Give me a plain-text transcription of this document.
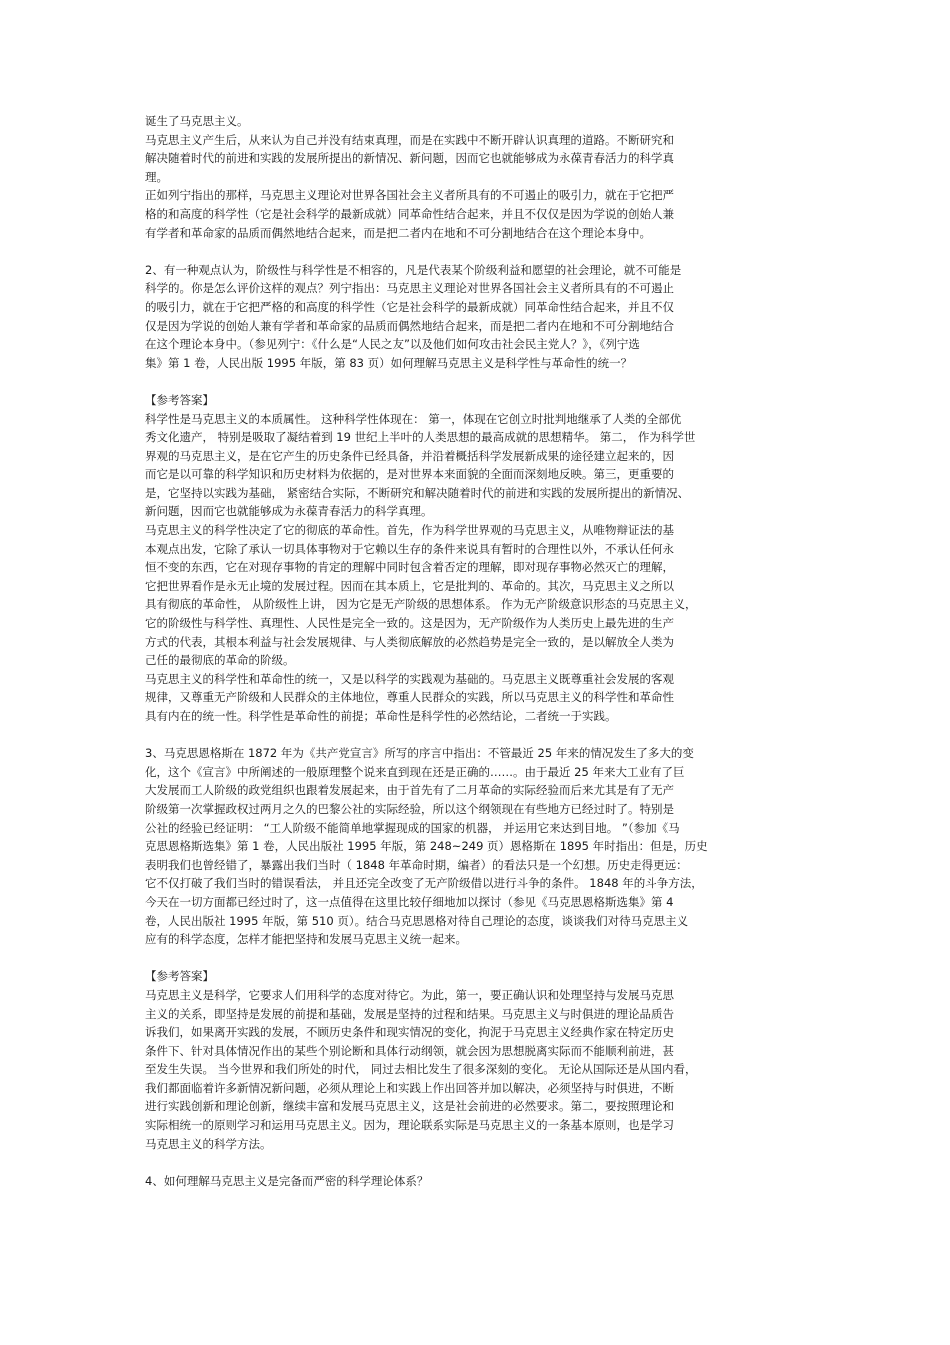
诞生了马克思主义。
马克思主义产生后，从来认为自己并没有结束真理，而是在实践中不断开辟认识真理的道路。不断研究和
解决随着时代的前进和实践的发展所提出的新情况、新问题，因而它也就能够成为永葆青春活力的科学真
理。
正如列宁指出的那样，马克思主义理论对世界各国社会主义者所具有的不可遏止的吸引力，就在于它把严
格的和高度的科学性（它是社会科学的最新成就）同革命性结合起来，并且不仅仅是因为学说的创始人兼
有学者和革命家的品质而偶然地结合起来，而是把二者内在地和不可分割地结合在这个理论本身中。
2、有一种观点认为，阶级性与科学性是不相容的，凡是代表某个阶级利益和愿望的社会理论，就不可能是
科学的。你是怎么评价这样的观点？列宁指出：马克思主义理论对世界各国社会主义者所具有的不可遏止
的吸引力，就在于它把严格的和高度的科学性（它是社会科学的最新成就）同革命性结合起来，并且不仅
仅是因为学说的创始人兼有学者和革命家的品质而偶然地结合起来，而是把二者内在地和不可分割地结合
在这个理论本身中。（参见列宁：《什么是“人民之友”以及他们如何攻击社会民主党人？》，《列宁选
集》第 1 卷，人民出版 1995 年版，第 83 页）如何理解马克思主义是科学性与革命性的统一？
【参考答案】
科学性是马克思主义的本质属性。 这种科学性体现在： 第一，体现在它创立时批判地继承了人类的全部优
秀文化遗产， 特别是吸取了凝结着到 19 世纪上半叶的人类思想的最高成就的思想精华。 第二， 作为科学世
界观的马克思主义，是在它产生的历史条件已经具备，并沿着概括科学发展新成果的途径建立起来的，因
而它是以可靠的科学知识和历史材料为依据的，是对世界本来面貌的全面而深刻地反映。第三，更重要的
是，它坚持以实践为基础， 紧密结合实际，不断研究和解决随着时代的前进和实践的发展所提出的新情况、
新问题，因而它也就能够成为永葆青春活力的科学真理。
马克思主义的科学性决定了它的彻底的革命性。首先，作为科学世界观的马克思主义，从唯物辩证法的基
本观点出发，它除了承认一切具体事物对于它赖以生存的条件来说具有暂时的合理性以外，不承认任何永
恒不变的东西，它在对现存事物的肯定的理解中同时包含着否定的理解，即对现存事物必然灭亡的理解，
它把世界看作是永无止境的发展过程。因而在其本质上，它是批判的、革命的。其次，马克思主义之所以
具有彻底的革命性， 从阶级性上讲， 因为它是无产阶级的思想体系。 作为无产阶级意识形态的马克思主义，
它的阶级性与科学性、真理性、人民性是完全一致的。这是因为，无产阶级作为人类历史上最先进的生产
方式的代表，其根本利益与社会发展规律、与人类彻底解放的必然趋势是完全一致的，是以解放全人类为
己任的最彻底的革命的阶级。
马克思主义的科学性和革命性的统一，又是以科学的实践观为基础的。马克思主义既尊重社会发展的客观
规律，又尊重无产阶级和人民群众的主体地位，尊重人民群众的实践，所以马克思主义的科学性和革命性
具有内在的统一性。科学性是革命性的前提；革命性是科学性的必然结论，二者统一于实践。
3、马克思恩格斯在 1872 年为《共产党宣言》所写的序言中指出：不管最近 25 年来的情况发生了多大的变
化，这个《宣言》中所阐述的一般原理整个说来直到现在还是正确的……。由于最近 25 年来大工业有了巨
大发展而工人阶级的政党组织也跟着发展起来，由于首先有了二月革命的实际经验而后来尤其是有了无产
阶级第一次掌握政权过两月之久的巴黎公社的实际经验，所以这个纲领现在有些地方已经过时了。特别是
公社的经验已经证明： “工人阶级不能简单地掌握现成的国家的机器， 并运用它来达到目地。 ”（参加《马
克思恩格斯选集》第 1 卷，人民出版社 1995 年版，第 248~249 页）恩格斯在 1895 年时指出：但是，历史
表明我们也曾经错了，暴露出我们当时（ 1848 年革命时期，编者）的看法只是一个幻想。历史走得更远：
它不仅打破了我们当时的错误看法， 并且还完全改变了无产阶级借以进行斗争的条件。 1848 年的斗争方法，
今天在一切方面都已经过时了，这一点值得在这里比较仔细地加以探讨（参见《马克思恩格斯选集》第 4
卷，人民出版社 1995 年版，第 510 页）。结合马克思恩格对待自己理论的态度，谈谈我们对待马克思主义
应有的科学态度，怎样才能把坚持和发展马克思主义统一起来。
【参考答案】
马克思主义是科学，它要求人们用科学的态度对待它。为此，第一，要正确认识和处理坚持与发展马克思
主义的关系，即坚持是发展的前提和基础，发展是坚持的过程和结果。马克思主义与时俱进的理论品质告
诉我们，如果离开实践的发展，不顾历史条件和现实情况的变化，拘泥于马克思主义经典作家在特定历史
条件下、针对具体情况作出的某些个别论断和具体行动纲领，就会因为思想脱离实际而不能顺利前进，甚
至发生失误。 当今世界和我们所处的时代， 同过去相比发生了很多深刻的变化。 无论从国际还是从国内看，
我们都面临着许多新情况新问题，必须从理论上和实践上作出回答并加以解决，必须坚持与时俱进，不断
进行实践创新和理论创新，继续丰富和发展马克思主义，这是社会前进的必然要求。第二，要按照理论和
实际相统一的原则学习和运用马克思主义。因为，理论联系实际是马克思主义的一条基本原则，也是学习
马克思主义的科学方法。
4、如何理解马克思主义是完备而严密的科学理论体系？
